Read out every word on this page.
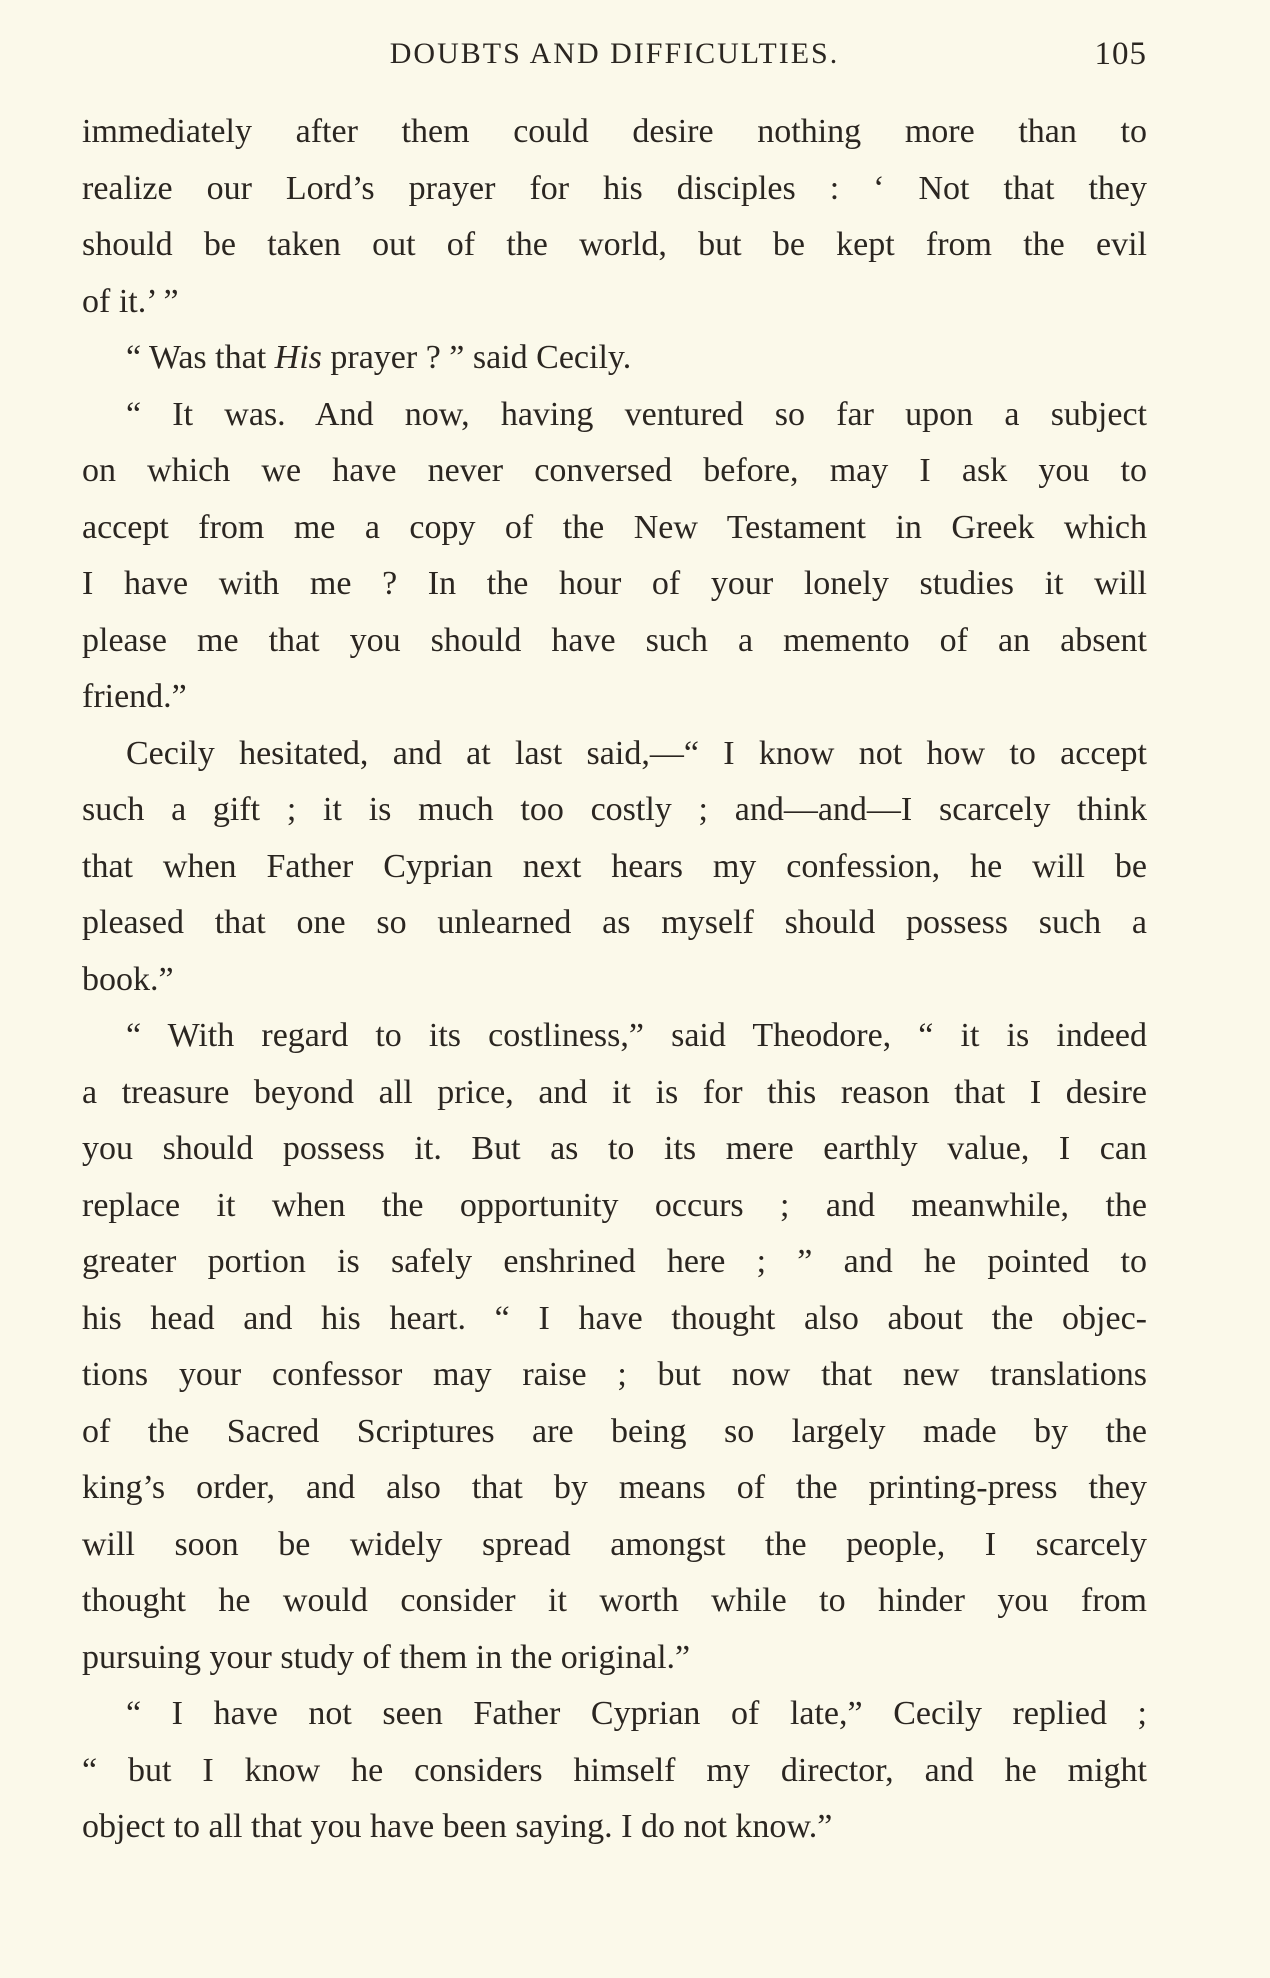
DOUBTS AND DIFFICULTIES.	105
immediately after them could desire nothing more than to
realize our Lord’s prayer for his disciples : ‘ Not that they
should be taken out of the world, but be kept from the evil
of it.’ ”
“ Was that His prayer ? ” said Cecily.
“ It was. And now, having ventured so far upon a subject
on which we have never conversed before, may I ask you to
accept from me a copy of the New Testament in Greek which
I have with me ? In the hour of your lonely studies it will
please me that you should have such a memento of an absent
friend.”
Cecily hesitated, and at last said,—“ I know not how to accept
such a gift ; it is much too costly ; and—and—I scarcely think
that when Father Cyprian next hears my confession, he will be
pleased that one so unlearned as myself should possess such a
book.”
“ With regard to its costliness,” said Theodore, “ it is indeed
a treasure beyond all price, and it is for this reason that I desire
you should possess it. But as to its mere earthly value, I can
replace it when the opportunity occurs ; and meanwhile, the
greater portion is safely enshrined here ; ” and he pointed to
his head and his heart. “ I have thought also about the objec-
tions your confessor may raise ; but now that new translations
of the Sacred Scriptures are being so largely made by the
king’s order, and also that by means of the printing-press they
will soon be widely spread amongst the people, I scarcely
thought he would consider it worth while to hinder you from
pursuing your study of them in the original.”
“ I have not seen Father Cyprian of late,” Cecily replied ;
“ but I know he considers himself my director, and he might
object to all that you have been saying. I do not know.”
